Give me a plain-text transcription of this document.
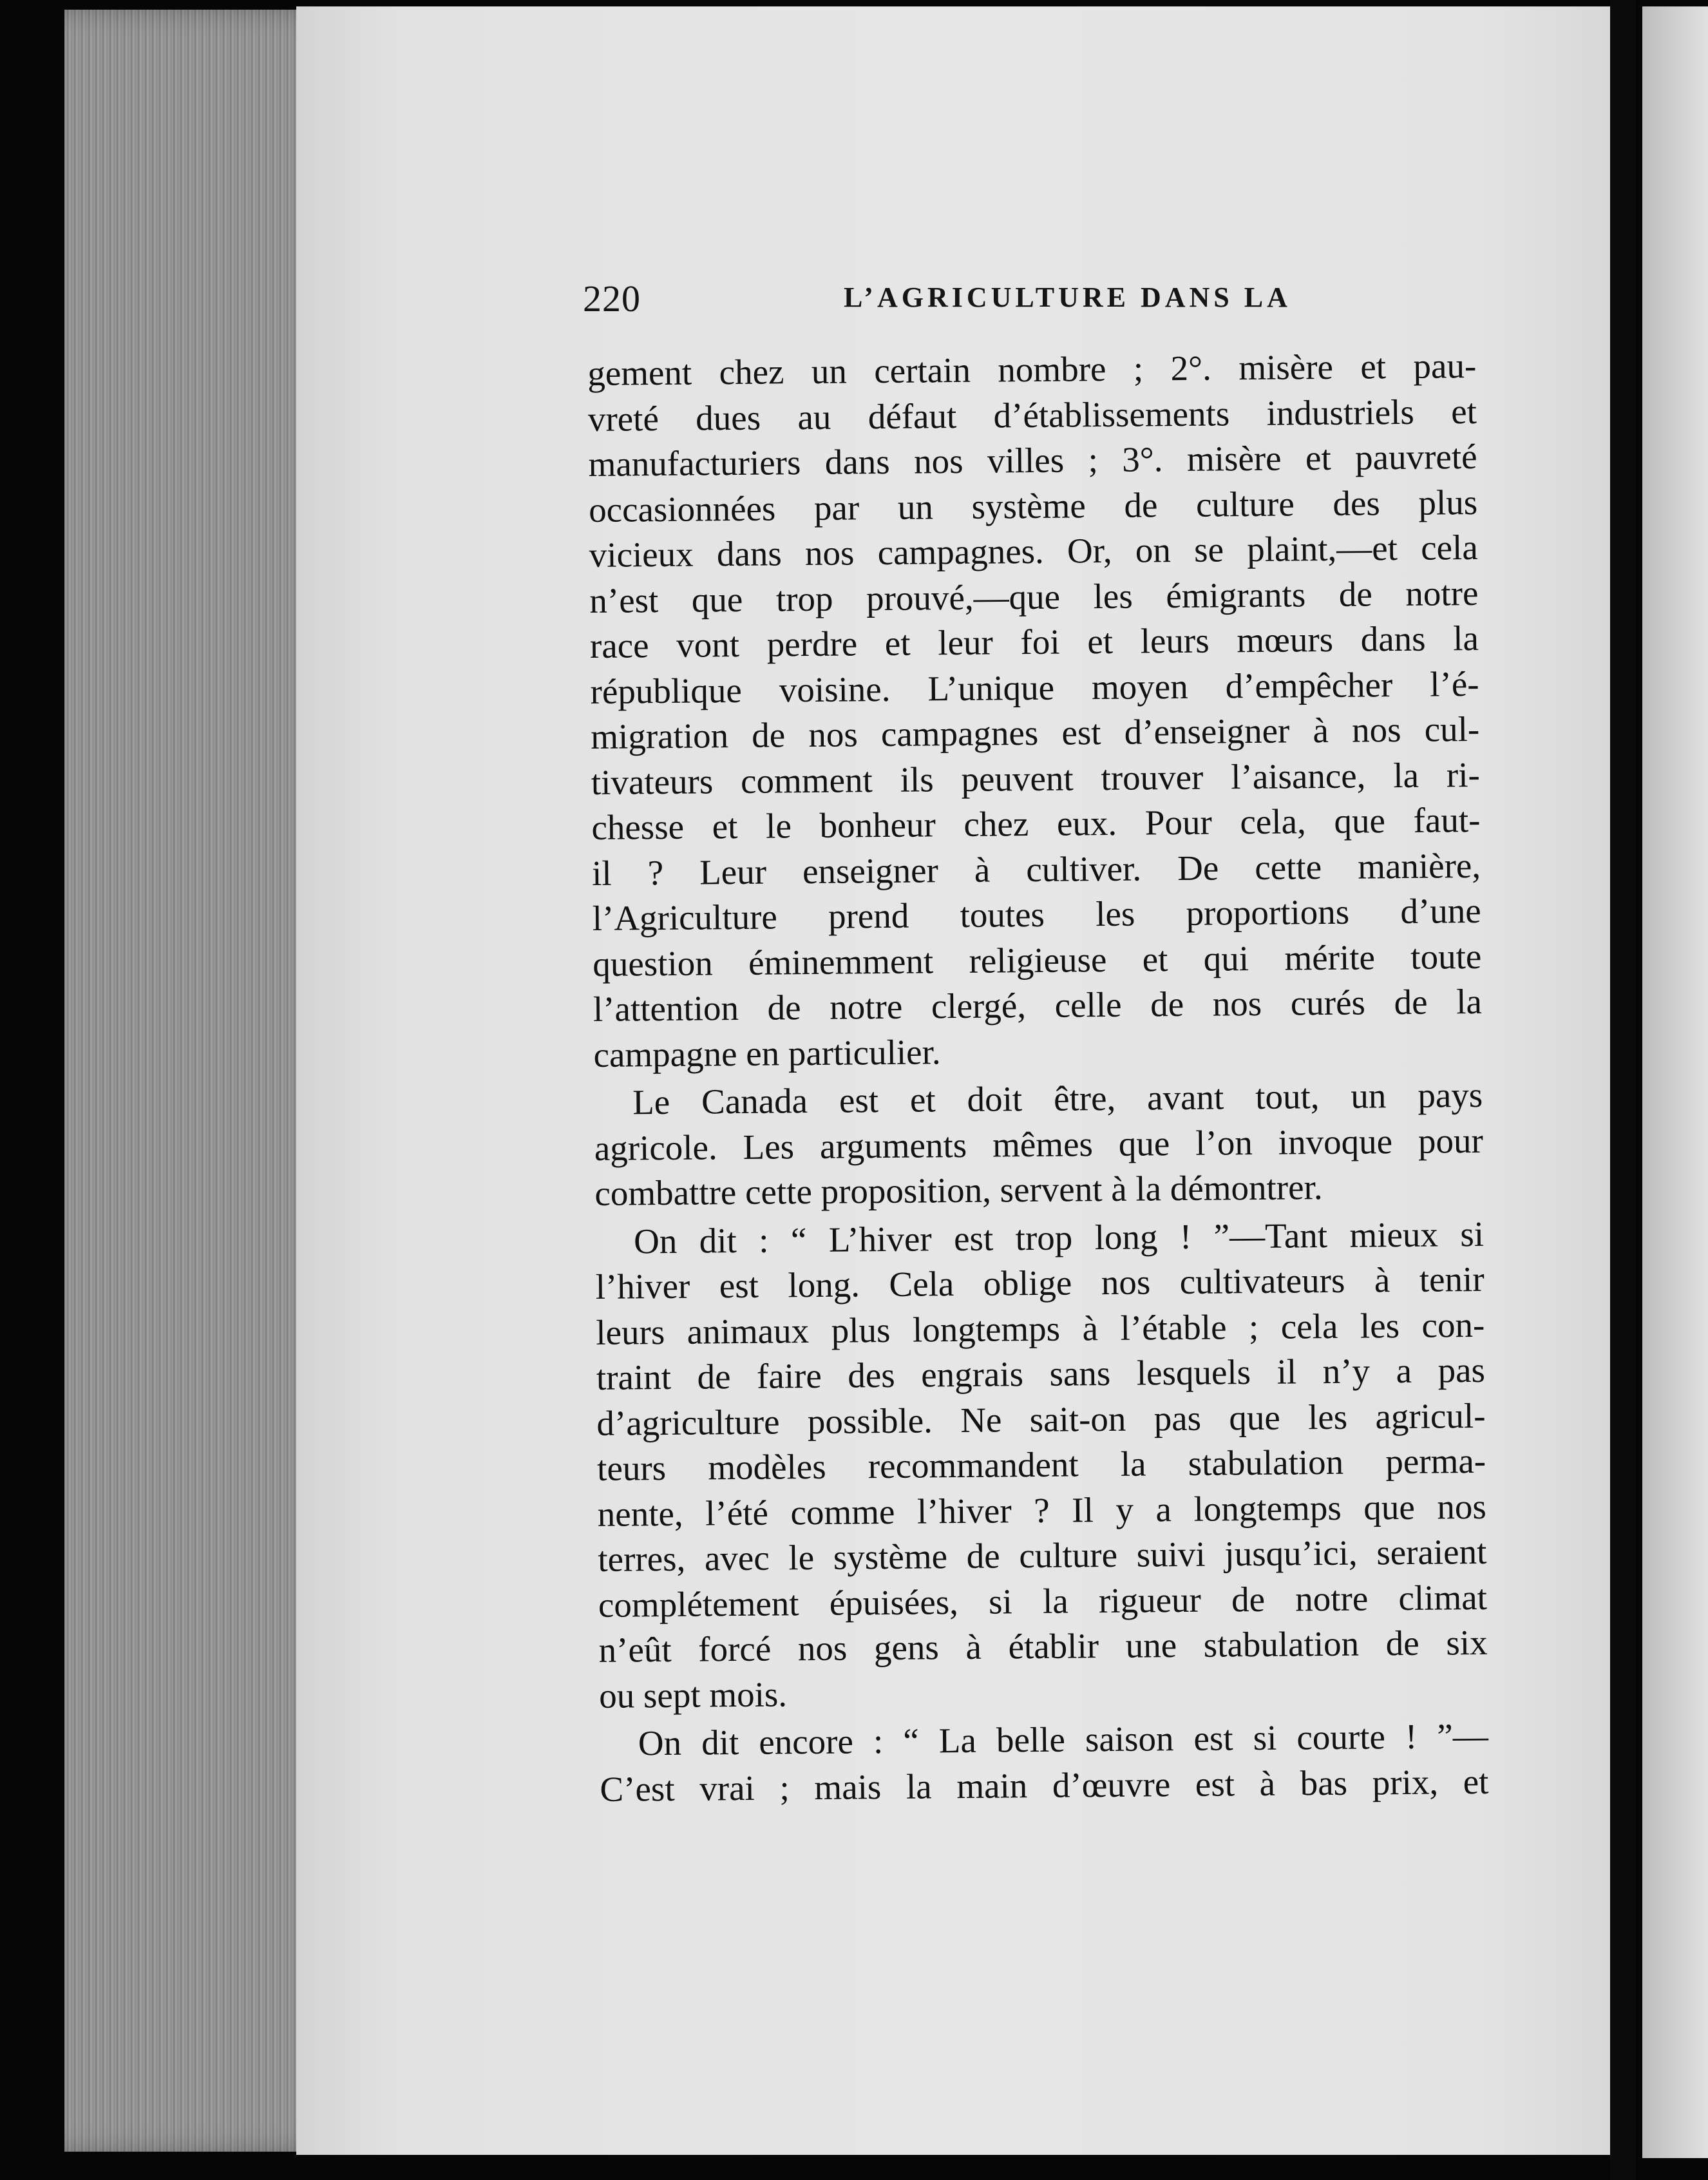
220	L’AGRICULTURE DANS LA
gement chez un certain nombre ; 2°. misère et pau-
vreté dues au défaut d’établissements industriels et
manufacturiers dans nos villes ; 3°. misère et pauvreté
occasionnées par un système de culture des plus
vicieux dans nos campagnes. Or, on se plaint,—et cela
n’est que trop prouvé,—que les émigrants de notre
race vont perdre et leur foi et leurs mœurs dans la
république voisine. L’unique moyen d’empêcher l’é-
migration de nos campagnes est d’enseigner à nos cul-
tivateurs comment ils peuvent trouver l’aisance, la ri-
chesse et le bonheur chez eux. Pour cela, que faut-
il ? Leur enseigner à cultiver. De cette manière,
l’Agriculture prend toutes les proportions d’une
question éminemment religieuse et qui mérite toute
l’attention de notre clergé, celle de nos curés de la
campagne en particulier.
Le Canada est et doit être, avant tout, un pays
agricole. Les arguments mêmes que l’on invoque pour
combattre cette proposition, servent à la démontrer.
On dit : “ L’hiver est trop long ! ”—Tant mieux si
l’hiver est long. Cela oblige nos cultivateurs à tenir
leurs animaux plus longtemps à l’étable ; cela les con-
traint de faire des engrais sans lesquels il n’y a pas
d’agriculture possible. Ne sait-on pas que les agricul-
teurs modèles recommandent la stabulation perma-
nente, l’été comme l’hiver ? Il y a longtemps que nos
terres, avec le système de culture suivi jusqu’ici, seraient
complétement épuisées, si la rigueur de notre climat
n’eût forcé nos gens à établir une stabulation de six
ou sept mois.
On dit encore : “ La belle saison est si courte ! ”—
C’est vrai ; mais la main d’œuvre est à bas prix, et
